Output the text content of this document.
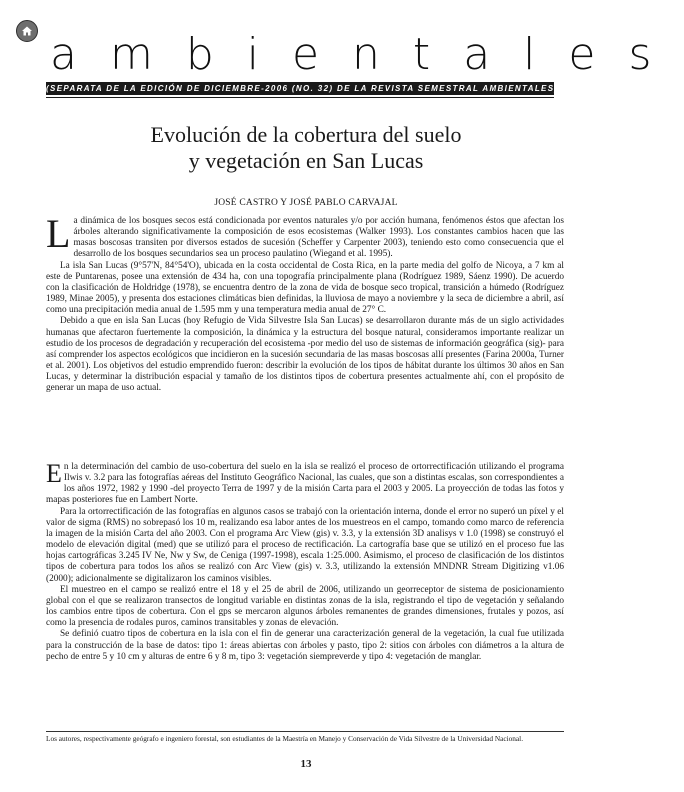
ambientales
(SEPARATA DE LA EDICIÓN DE DICIEMBRE-2006 (NO. 32) DE LA REVISTA SEMESTRAL AMBIENTALES)
Evolución de la cobertura del suelo
y vegetación en San Lucas
JOSÉ CASTRO Y JOSÉ PABLO CARVAJAL

La dinámica de los bosques secos está condicionada por eventos naturales y/o por acción humana, fenómenos éstos que afectan los árboles alterando significativamente la composición de esos ecosistemas (Walker 1993). Los constantes cambios hacen que las masas boscosas transiten por diversos estados de sucesión (Scheffer y Carpenter 2003), teniendo esto como consecuencia que el desarrollo de los bosques secundarios sea un proceso paulatino (Wiegand et al. 1995).

La isla San Lucas (9°57'N, 84°54'O), ubicada en la costa occidental de Costa Rica, en la parte media del golfo de Nicoya, a 7 km al este de Puntarenas, posee una extensión de 434 ha, con una topografía principalmente plana (Rodríguez 1989, Sáenz 1990). De acuerdo con la clasificación de Holdridge (1978), se encuentra dentro de la zona de vida de bosque seco tropical, transición a húmedo (Rodríguez 1989, Minae 2005), y presenta dos estaciones climáticas bien definidas, la lluviosa de mayo a noviembre y la seca de diciembre a abril, así como una precipitación media anual de 1.595 mm y una temperatura media anual de 27° C.

Debido a que en isla San Lucas (hoy Refugio de Vida Silvestre Isla San Lucas) se desarrollaron durante más de un siglo actividades humanas que afectaron fuertemente la composición, la dinámica y la estructura del bosque natural, consideramos importante realizar un estudio de los procesos de degradación y recuperación del ecosistema -por medio del uso de sistemas de información geográfica (sig)- para así comprender los aspectos ecológicos que incidieron en la sucesión secundaria de las masas boscosas allí presentes (Farina 2000a, Turner et al. 2001). Los objetivos del estudio emprendido fueron: describir la evolución de los tipos de hábitat durante los últimos 30 años en San Lucas, y determinar la distribución espacial y tamaño de los distintos tipos de cobertura presentes actualmente ahí, con el propósito de generar un mapa de uso actual.

En la determinación del cambio de uso-cobertura del suelo en la isla se realizó el proceso de ortorrectificación utilizando el programa Ilwis v. 3.2 para las fotografías aéreas del Instituto Geográfico Nacional, las cuales, que son a distintas escalas, son correspondientes a los años 1972, 1982 y 1990 -del proyecto Terra de 1997 y de la misión Carta para el 2003 y 2005. La proyección de todas las fotos y mapas posteriores fue en Lambert Norte.

Para la ortorrectificación de las fotografías en algunos casos se trabajó con la orientación interna, donde el error no superó un píxel y el valor de sigma (RMS) no sobrepasó los 10 m, realizando esa labor antes de los muestreos en el campo, tomando como marco de referencia la imagen de la misión Carta del año 2003. Con el programa Arc View (gis) v. 3.3, y la extensión 3D analisys v 1.0 (1998) se construyó el modelo de elevación digital (med) que se utilizó para el proceso de rectificación. La cartografía base que se utilizó en el proceso fue las hojas cartográficas 3.245 IV Ne, Nw y Sw, de Ceniga (1997-1998), escala 1:25.000. Asimismo, el proceso de clasificación de los distintos tipos de cobertura para todos los años se realizó con Arc View (gis) v. 3.3, utilizando la extensión MNDNR Stream Digitizing v1.06 (2000); adicionalmente se digitalizaron los caminos visibles.

El muestreo en el campo se realizó entre el 18 y el 25 de abril de 2006, utilizando un georreceptor de sistema de posicionamiento global con el que se realizaron transectos de longitud variable en distintas zonas de la isla, registrando el tipo de vegetación y señalando los cambios entre tipos de cobertura. Con el gps se mercaron algunos árboles remanentes de grandes dimensiones, frutales y pozos, así como la presencia de rodales puros, caminos transitables y zonas de elevación.

Se definió cuatro tipos de cobertura en la isla con el fin de generar una caracterización general de la vegetación, la cual fue utilizada para la construcción de la base de datos: tipo 1: áreas abiertas con árboles y pasto, tipo 2: sitios con árboles con diámetros a la altura de pecho de entre 5 y 10 cm y alturas de entre 6 y 8 m, tipo 3: vegetación siempreverde y tipo 4: vegetación de manglar.

Los autores, respectivamente geógrafo e ingeniero forestal, son estudiantes de la Maestría en Manejo y Conservación de Vida Silvestre de la Universidad Nacional.
13
